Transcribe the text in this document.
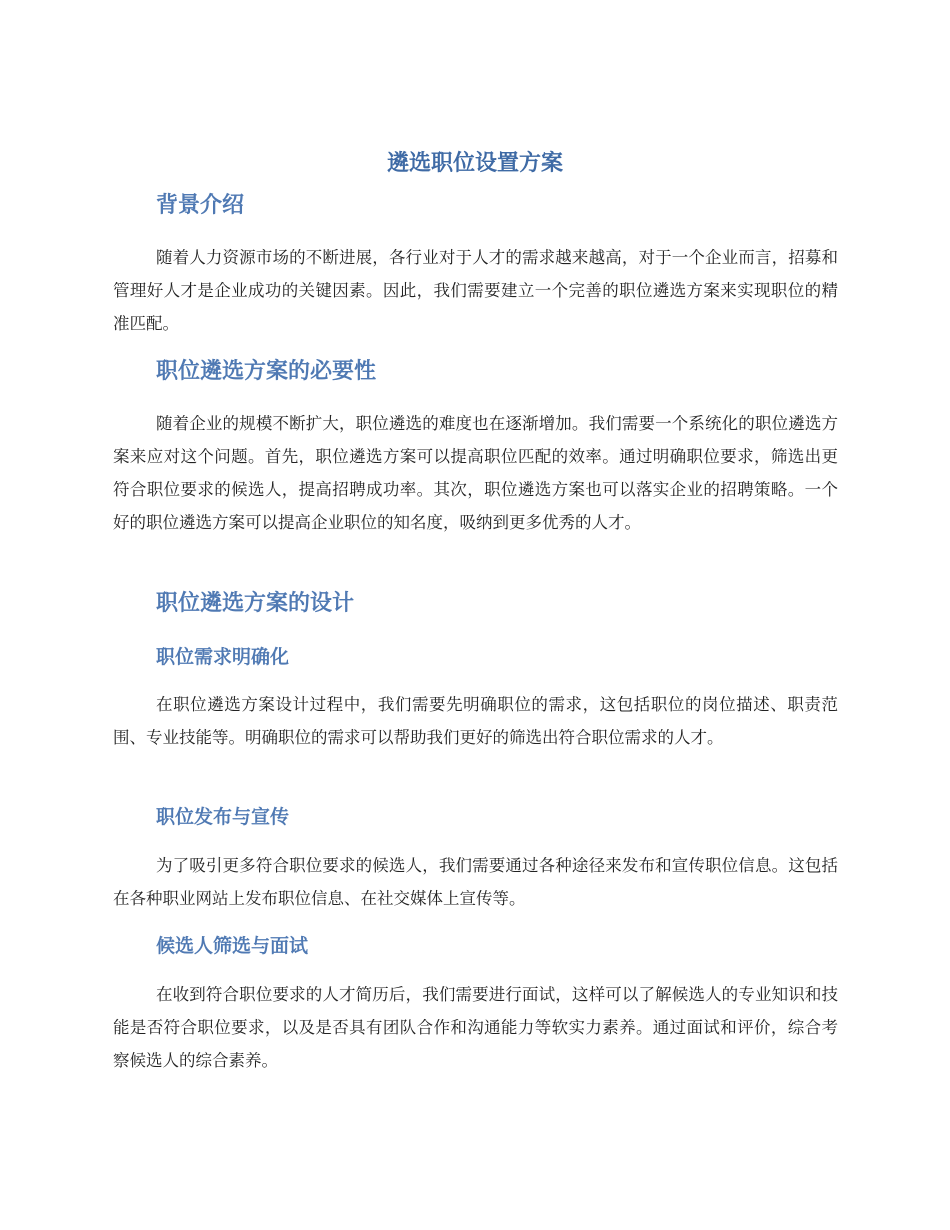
遴选职位设置方案
背景介绍

随着人力资源市场的不断进展，各行业对于人才的需求越来越高，对于一个企业而言，招募和管理好人才是企业成功的关键因素。因此，我们需要建立一个完善的职位遴选方案来实现职位的精准匹配。

职位遴选方案的必要性

随着企业的规模不断扩大，职位遴选的难度也在逐渐增加。我们需要一个系统化的职位遴选方案来应对这个问题。首先，职位遴选方案可以提高职位匹配的效率。通过明确职位要求，筛选出更符合职位要求的候选人，提高招聘成功率。其次，职位遴选方案也可以落实企业的招聘策略。一个好的职位遴选方案可以提高企业职位的知名度，吸纳到更多优秀的人才。

职位遴选方案的设计
职位需求明确化

在职位遴选方案设计过程中，我们需要先明确职位的需求，这包括职位的岗位描述、职责范围、专业技能等。明确职位的需求可以帮助我们更好的筛选出符合职位需求的人才。

职位发布与宣传

为了吸引更多符合职位要求的候选人，我们需要通过各种途径来发布和宣传职位信息。这包括在各种职业网站上发布职位信息、在社交媒体上宣传等。

候选人筛选与面试

在收到符合职位要求的人才简历后，我们需要进行面试，这样可以了解候选人的专业知识和技能是否符合职位要求，以及是否具有团队合作和沟通能力等软实力素养。通过面试和评价，综合考察候选人的综合素养。
